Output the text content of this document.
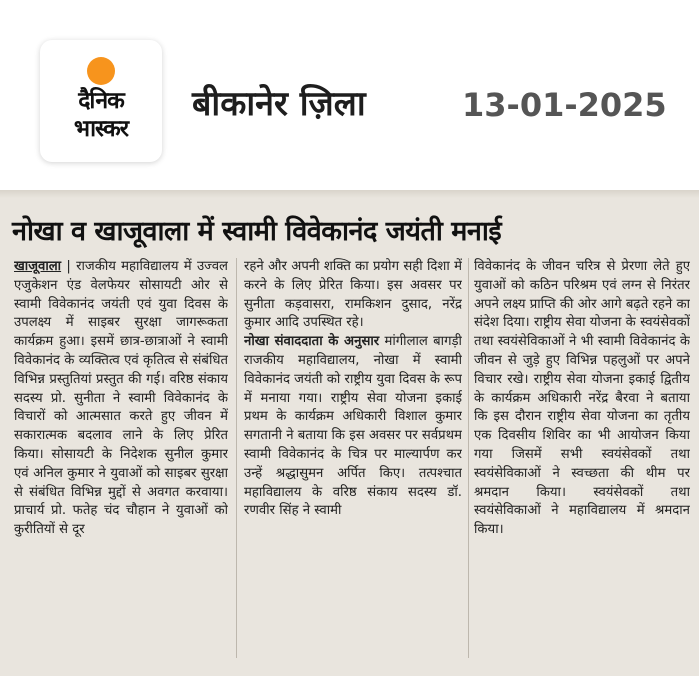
दैनिक
भास्कर
बीकानेर ज़िला	13-01-2025
नोखा व खाजूवाला में स्वामी विवेकानंद जयंती मनाई
खाजूवाला | राजकीय महाविद्यालय में उज्वल एजुकेशन एंड वेलफेयर सोसायटी ओर से स्वामी विवेकानंद जयंती एवं युवा दिवस के उपलक्ष्य में साइबर सुरक्षा जागरूकता कार्यक्रम हुआ। इसमें छात्र-छात्राओं ने स्वामी विवेकानंद के व्यक्तित्व एवं कृतित्व से संबंधित विभिन्न प्रस्तुतियां प्रस्तुत की गई। वरिष्ठ संकाय सदस्य प्रो. सुनीता ने स्वामी विवेकानंद के विचारों को आत्मसात करते हुए जीवन में सकारात्मक बदलाव लाने के लिए प्रेरित किया। सोसायटी के निदेशक सुनील कुमार एवं अनिल कुमार ने युवाओं को साइबर सुरक्षा से संबंधित विभिन्न मुद्दों से अवगत करवाया। प्राचार्य प्रो. फतेह चंद चौहान ने युवाओं को कुरीतियों से दूर
रहने और अपनी शक्ति का प्रयोग सही दिशा में करने के लिए प्रेरित किया। इस अवसर पर सुनीता कड़वासरा, रामकिशन दुसाद, नरेंद्र कुमार आदि उपस्थित रहे।
नोखा संवाददाता के अनुसार मांगीलाल बागड़ी राजकीय महाविद्यालय, नोखा में स्वामी विवेकानंद जयंती को राष्ट्रीय युवा दिवस के रूप में मनाया गया। राष्ट्रीय सेवा योजना इकाई प्रथम के कार्यक्रम अधिकारी विशाल कुमार सगतानी ने बताया कि इस अवसर पर सर्वप्रथम स्वामी विवेकानंद के चित्र पर माल्यार्पण कर उन्हें श्रद्धासुमन अर्पित किए। तत्पश्चात महाविद्यालय के वरिष्ठ संकाय सदस्य डॉ. रणवीर सिंह ने स्वामी
विवेकानंद के जीवन चरित्र से प्रेरणा लेते हुए युवाओं को कठिन परिश्रम एवं लग्न से निरंतर अपने लक्ष्य प्राप्ति की ओर आगे बढ़ते रहने का संदेश दिया। राष्ट्रीय सेवा योजना के स्वयंसेवकों तथा स्वयंसेविकाओं ने भी स्वामी विवेकानंद के जीवन से जुड़े हुए विभिन्न पहलुओं पर अपने विचार रखे। राष्ट्रीय सेवा योजना इकाई द्वितीय के कार्यक्रम अधिकारी नरेंद्र बैरवा ने बताया कि इस दौरान राष्ट्रीय सेवा योजना का तृतीय एक दिवसीय शिविर का भी आयोजन किया गया जिसमें सभी स्वयंसेवकों तथा स्वयंसेविकाओं ने स्वच्छता की थीम पर श्रमदान किया। स्वयंसेवकों तथा स्वयंसेविकाओं ने महाविद्यालय में श्रमदान किया।
